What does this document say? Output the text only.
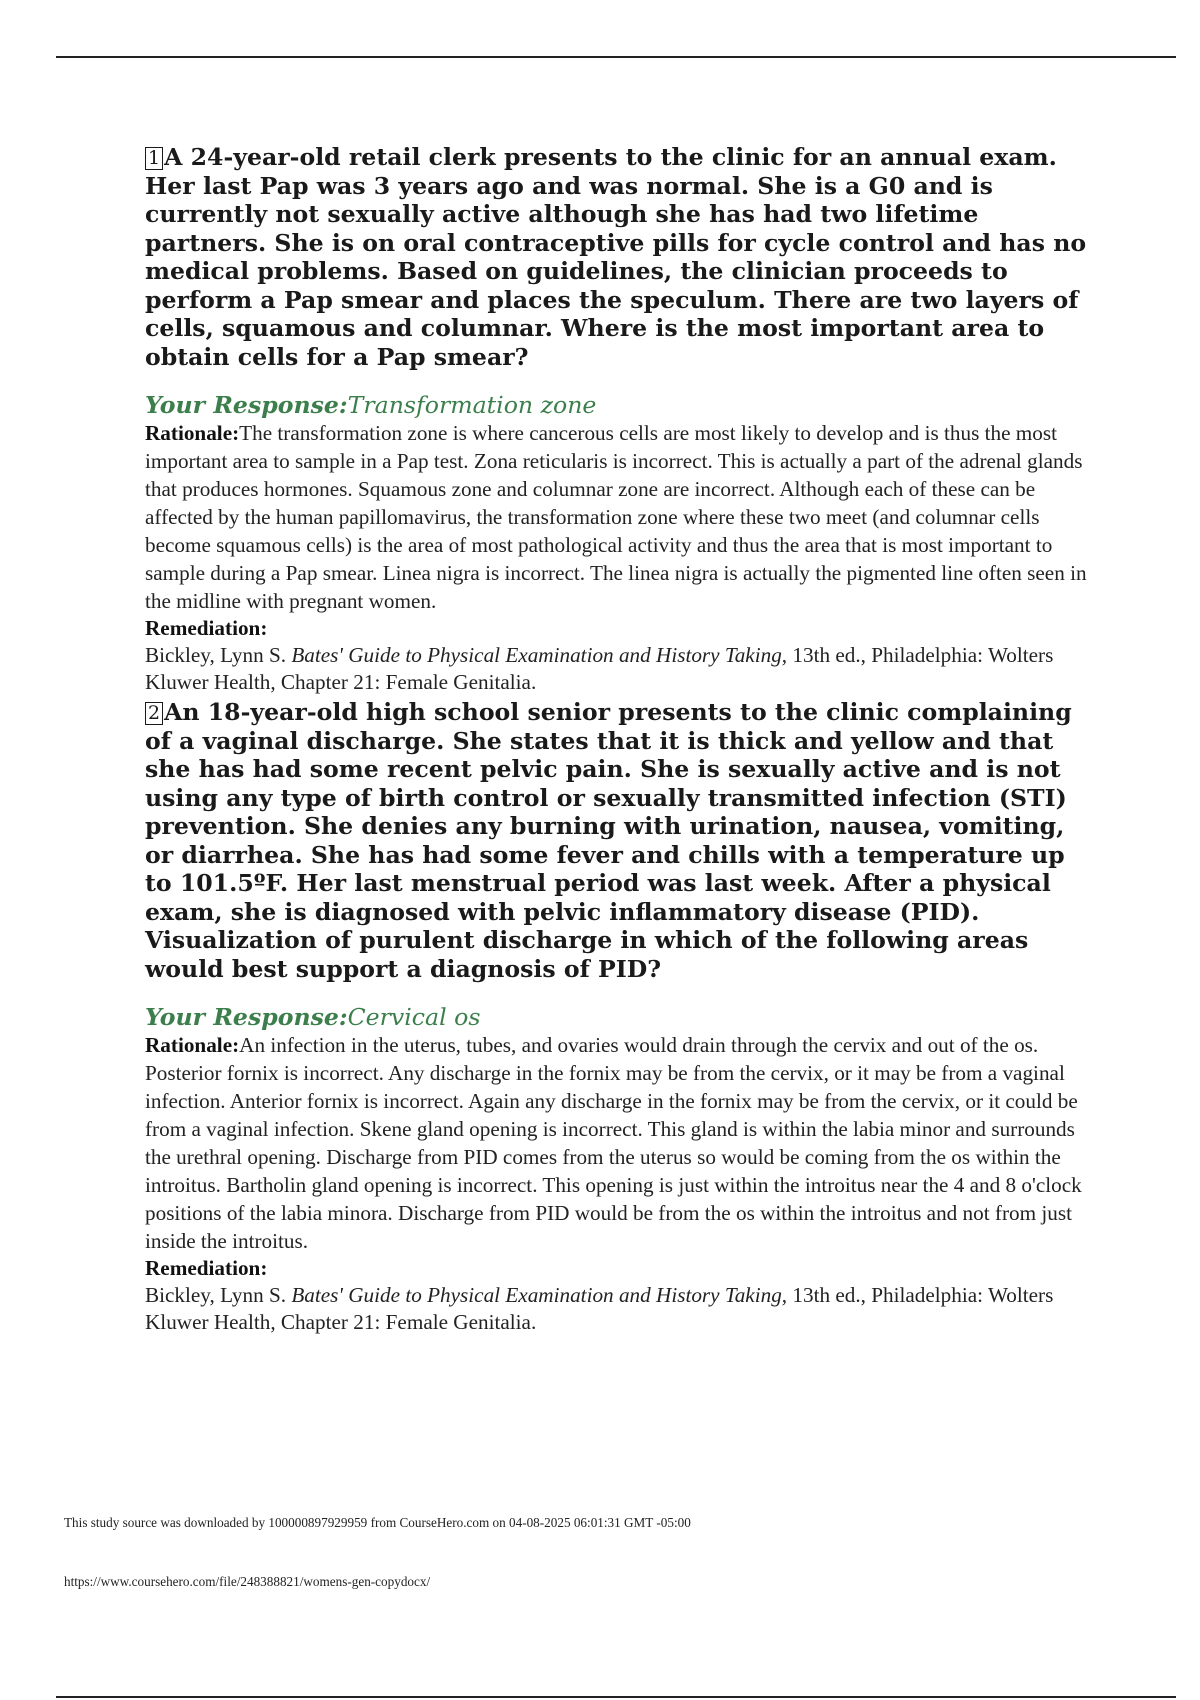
1 A 24-year-old retail clerk presents to the clinic for an annual exam. Her last Pap was 3 years ago and was normal. She is a G0 and is currently not sexually active although she has had two lifetime partners. She is on oral contraceptive pills for cycle control and has no medical problems. Based on guidelines, the clinician proceeds to perform a Pap smear and places the speculum. There are two layers of cells, squamous and columnar. Where is the most important area to obtain cells for a Pap smear?

Your Response:Transformation zone

Rationale:The transformation zone is where cancerous cells are most likely to develop and is thus the most important area to sample in a Pap test. Zona reticularis is incorrect. This is actually a part of the adrenal glands that produces hormones. Squamous zone and columnar zone are incorrect. Although each of these can be affected by the human papillomavirus, the transformation zone where these two meet (and columnar cells become squamous cells) is the area of most pathological activity and thus the area that is most important to sample during a Pap smear. Linea nigra is incorrect. The linea nigra is actually the pigmented line often seen in the midline with pregnant women.

Remediation:

Bickley, Lynn S. Bates' Guide to Physical Examination and History Taking, 13th ed., Philadelphia: Wolters Kluwer Health, Chapter 21: Female Genitalia.

2 An 18-year-old high school senior presents to the clinic complaining of a vaginal discharge. She states that it is thick and yellow and that she has had some recent pelvic pain. She is sexually active and is not using any type of birth control or sexually transmitted infection (STI) prevention. She denies any burning with urination, nausea, vomiting, or diarrhea. She has had some fever and chills with a temperature up to 101.5ºF. Her last menstrual period was last week. After a physical exam, she is diagnosed with pelvic inflammatory disease (PID). Visualization of purulent discharge in which of the following areas would best support a diagnosis of PID?

Your Response:Cervical os

Rationale:An infection in the uterus, tubes, and ovaries would drain through the cervix and out of the os. Posterior fornix is incorrect. Any discharge in the fornix may be from the cervix, or it may be from a vaginal infection. Anterior fornix is incorrect. Again any discharge in the fornix may be from the cervix, or it could be from a vaginal infection. Skene gland opening is incorrect. This gland is within the labia minor and surrounds the urethral opening. Discharge from PID comes from the uterus so would be coming from the os within the introitus. Bartholin gland opening is incorrect. This opening is just within the introitus near the 4 and 8 o'clock positions of the labia minora. Discharge from PID would be from the os within the introitus and not from just inside the introitus.

Remediation:

Bickley, Lynn S. Bates' Guide to Physical Examination and History Taking, 13th ed., Philadelphia: Wolters Kluwer Health, Chapter 21: Female Genitalia.

This study source was downloaded by 100000897929959 from CourseHero.com on 04-08-2025 06:01:31 GMT -05:00
https://www.coursehero.com/file/248388821/womens-gen-copydocx/
